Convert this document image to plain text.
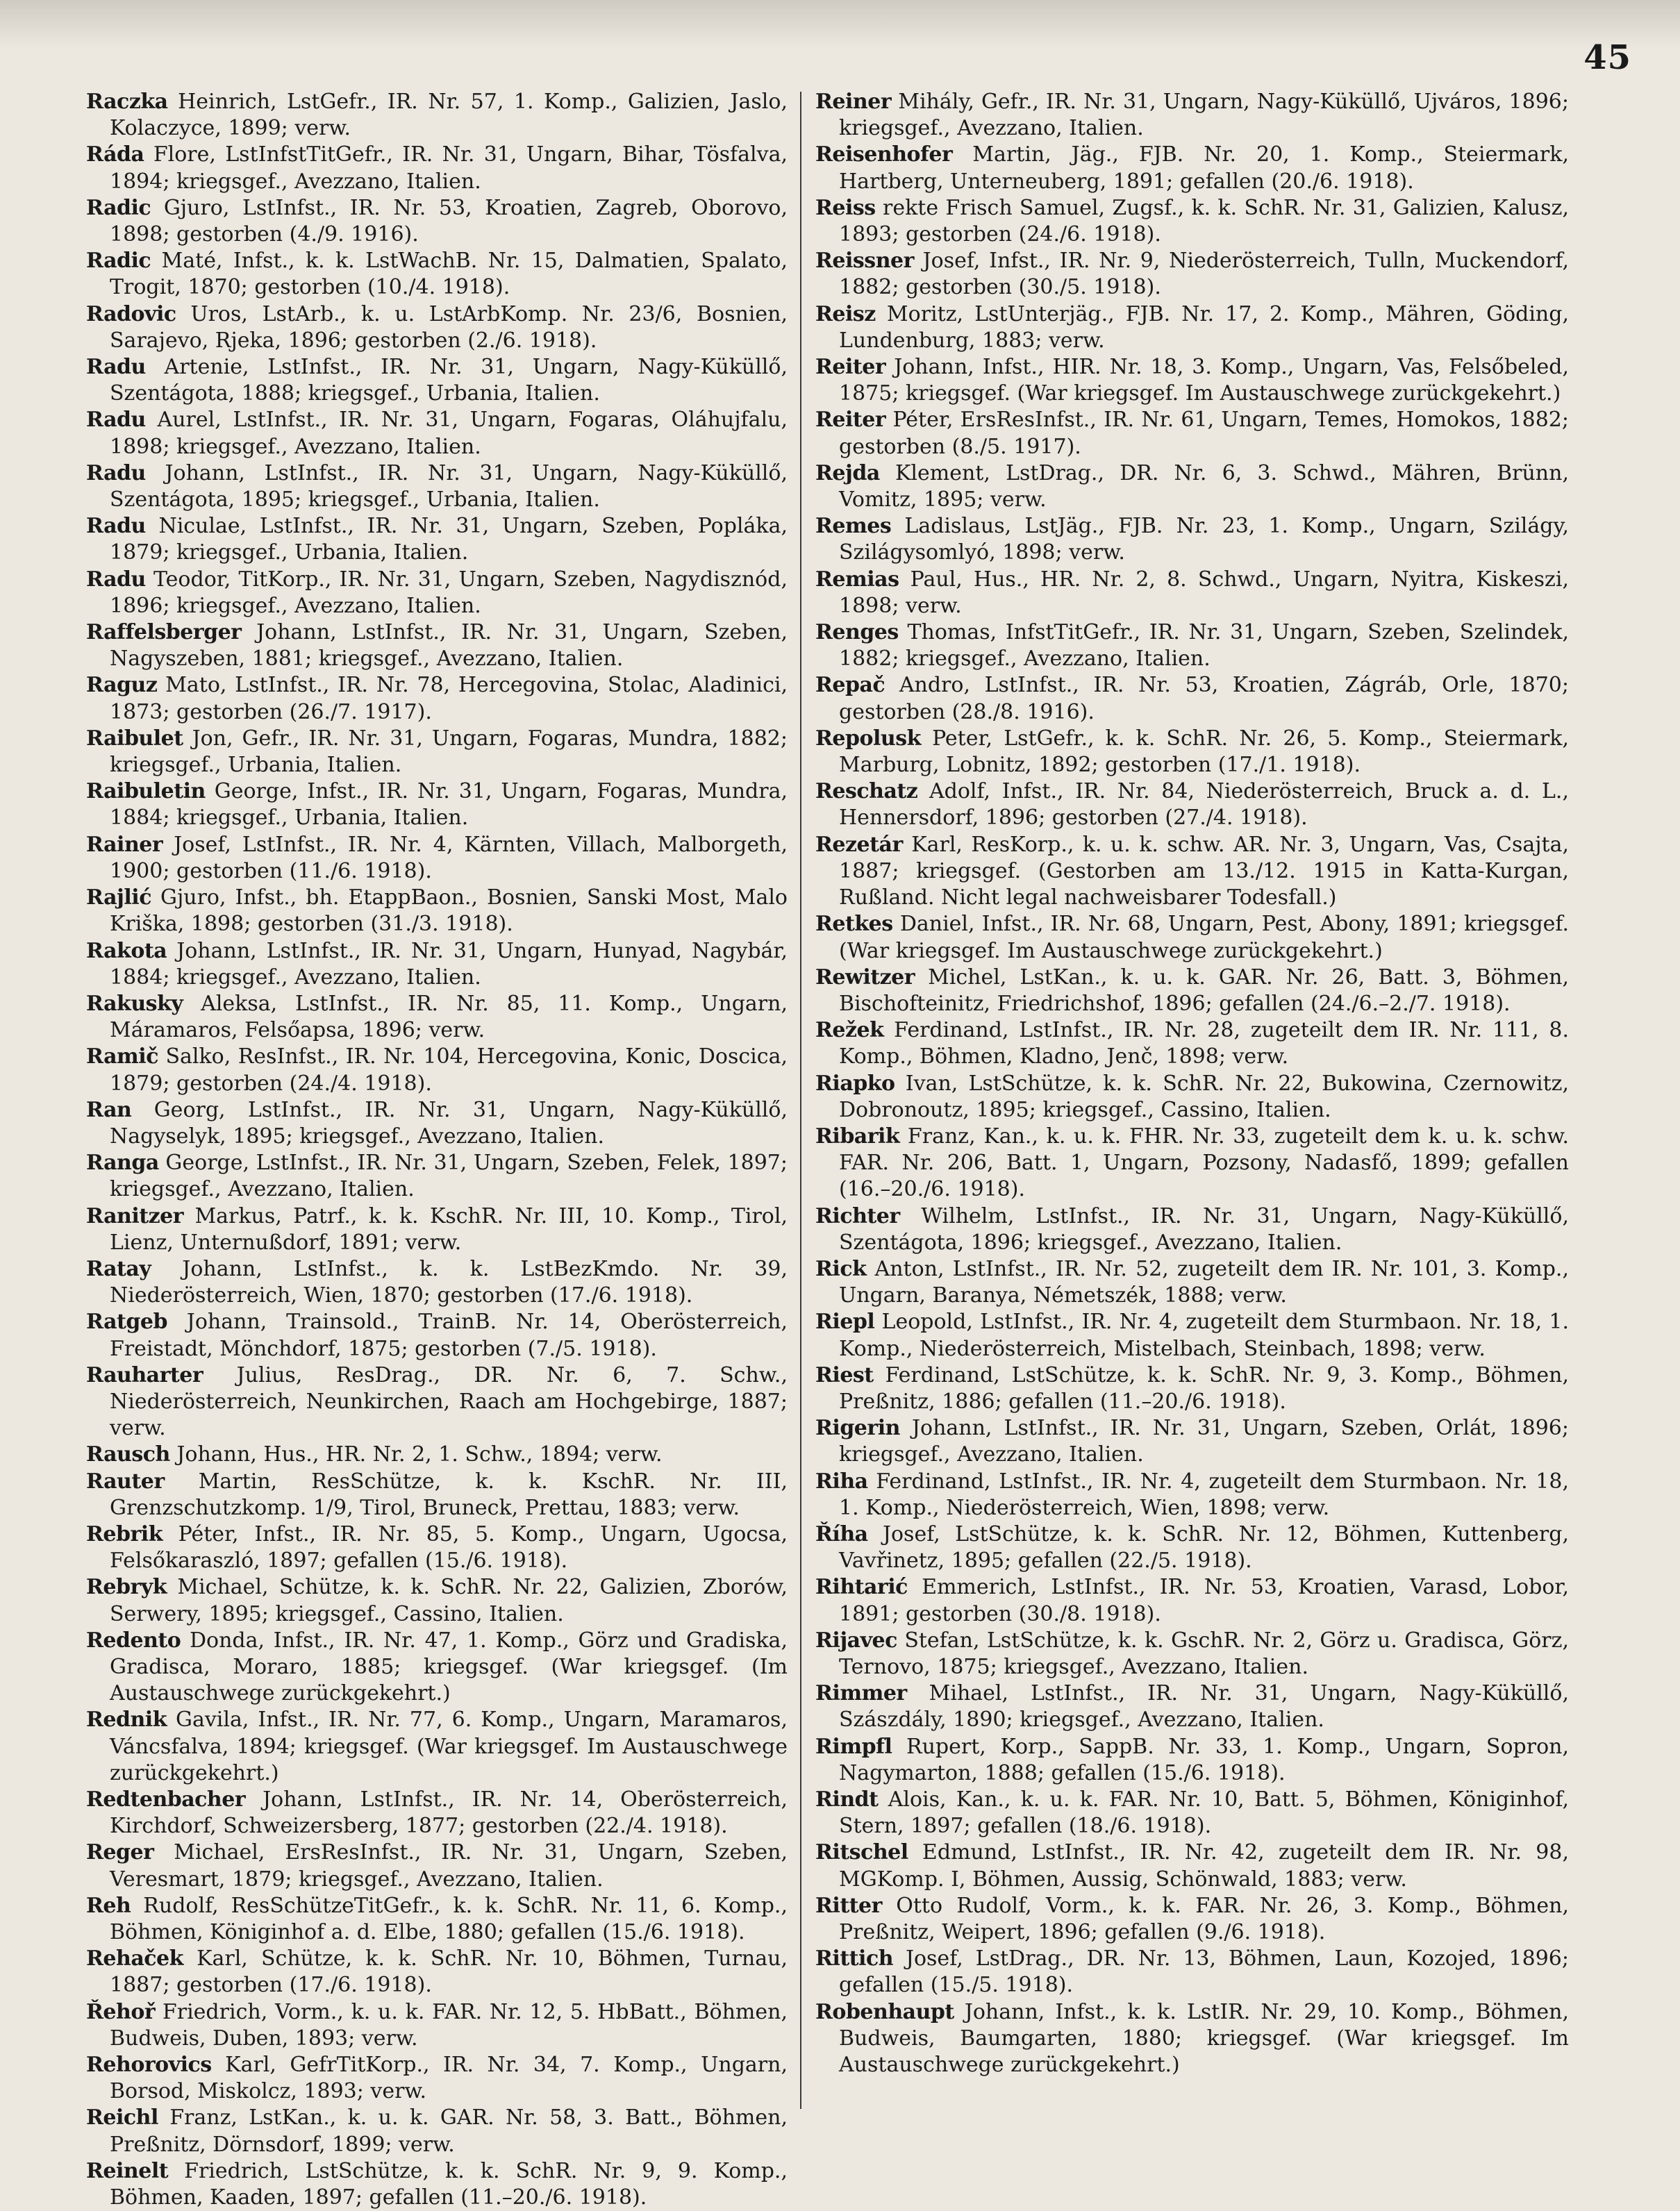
45

Raczka Heinrich, LstGefr., IR. Nr. 57, 1. Komp., Galizien, Jaslo, Kolaczyce, 1899; verw.

Ráda Flore, LstInfstTitGefr., IR. Nr. 31, Ungarn, Bihar, Tösfalva, 1894; kriegsgef., Avezzano, Italien.

Radic Gjuro, LstInfst., IR. Nr. 53, Kroatien, Zagreb, Oborovo, 1898; gestorben (4./9. 1916).

Radic Maté, Infst., k. k. LstWachB. Nr. 15, Dalmatien, Spalato, Trogit, 1870; gestorben (10./4. 1918).

Radovic Uros, LstArb., k. u. LstArbKomp. Nr. 23/6, Bosnien, Sarajevo, Rjeka, 1896; gestorben (2./6. 1918).

Radu Artenie, LstInfst., IR. Nr. 31, Ungarn, Nagy-Küküllő, Szentágota, 1888; kriegsgef., Urbania, Italien.

Radu Aurel, LstInfst., IR. Nr. 31, Ungarn, Fogaras, Oláhujfalu, 1898; kriegsgef., Avezzano, Italien.

Radu Johann, LstInfst., IR. Nr. 31, Ungarn, Nagy-Küküllő, Szentágota, 1895; kriegsgef., Urbania, Italien.

Radu Niculae, LstInfst., IR. Nr. 31, Ungarn, Szeben, Popláka, 1879; kriegsgef., Urbania, Italien.

Radu Teodor, TitKorp., IR. Nr. 31, Ungarn, Szeben, Nagydisznód, 1896; kriegsgef., Avezzano, Italien.

Raffelsberger Johann, LstInfst., IR. Nr. 31, Ungarn, Szeben, Nagyszeben, 1881; kriegsgef., Avezzano, Italien.

Raguz Mato, LstInfst., IR. Nr. 78, Hercegovina, Stolac, Aladinici, 1873; gestorben (26./7. 1917).

Raibulet Jon, Gefr., IR. Nr. 31, Ungarn, Fogaras, Mundra, 1882; kriegsgef., Urbania, Italien.

Raibuletin George, Infst., IR. Nr. 31, Ungarn, Fogaras, Mundra, 1884; kriegsgef., Urbania, Italien.

Rainer Josef, LstInfst., IR. Nr. 4, Kärnten, Villach, Malborgeth, 1900; gestorben (11./6. 1918).

Rajlić Gjuro, Infst., bh. EtappBaon., Bosnien, Sanski Most, Malo Kriška, 1898; gestorben (31./3. 1918).

Rakota Johann, LstInfst., IR. Nr. 31, Ungarn, Hunyad, Nagybár, 1884; kriegsgef., Avezzano, Italien.

Rakusky Aleksa, LstInfst., IR. Nr. 85, 11. Komp., Ungarn, Máramaros, Felsőapsa, 1896; verw.

Ramič Salko, ResInfst., IR. Nr. 104, Hercegovina, Konic, Doscica, 1879; gestorben (24./4. 1918).

Ran Georg, LstInfst., IR. Nr. 31, Ungarn, Nagy-Küküllő, Nagyselyk, 1895; kriegsgef., Avezzano, Italien.

Ranga George, LstInfst., IR. Nr. 31, Ungarn, Szeben, Felek, 1897; kriegsgef., Avezzano, Italien.

Ranitzer Markus, Patrf., k. k. KschR. Nr. III, 10. Komp., Tirol, Lienz, Unternußdorf, 1891; verw.

Ratay Johann, LstInfst., k. k. LstBezKmdo. Nr. 39, Niederösterreich, Wien, 1870; gestorben (17./6. 1918).

Ratgeb Johann, Trainsold., TrainB. Nr. 14, Oberösterreich, Freistadt, Mönchdorf, 1875; gestorben (7./5. 1918).

Rauharter Julius, ResDrag., DR. Nr. 6, 7. Schw., Niederösterreich, Neunkirchen, Raach am Hochgebirge, 1887; verw.

Rausch Johann, Hus., HR. Nr. 2, 1. Schw., 1894; verw.

Rauter Martin, ResSchütze, k. k. KschR. Nr. III, Grenzschutzkomp. 1/9, Tirol, Bruneck, Prettau, 1883; verw.

Rebrik Péter, Infst., IR. Nr. 85, 5. Komp., Ungarn, Ugocsa, Felsőkaraszló, 1897; gefallen (15./6. 1918).

Rebryk Michael, Schütze, k. k. SchR. Nr. 22, Galizien, Zborów, Serwery, 1895; kriegsgef., Cassino, Italien.

Redento Donda, Infst., IR. Nr. 47, 1. Komp., Görz und Gradiska, Gradisca, Moraro, 1885; kriegsgef. (War kriegsgef. (Im Austauschwege zurückgekehrt.)

Rednik Gavila, Infst., IR. Nr. 77, 6. Komp., Ungarn, Maramaros, Váncsfalva, 1894; kriegsgef. (War kriegsgef. Im Austauschwege zurückgekehrt.)

Redtenbacher Johann, LstInfst., IR. Nr. 14, Oberösterreich, Kirchdorf, Schweizersberg, 1877; gestorben (22./4. 1918).

Reger Michael, ErsResInfst., IR. Nr. 31, Ungarn, Szeben, Veresmart, 1879; kriegsgef., Avezzano, Italien.

Reh Rudolf, ResSchützeTitGefr., k. k. SchR. Nr. 11, 6. Komp., Böhmen, Königinhof a. d. Elbe, 1880; gefallen (15./6. 1918).

Rehaček Karl, Schütze, k. k. SchR. Nr. 10, Böhmen, Turnau, 1887; gestorben (17./6. 1918).

Řehoř Friedrich, Vorm., k. u. k. FAR. Nr. 12, 5. HbBatt., Böhmen, Budweis, Duben, 1893; verw.

Rehorovics Karl, GefrTitKorp., IR. Nr. 34, 7. Komp., Ungarn, Borsod, Miskolcz, 1893; verw.

Reichl Franz, LstKan., k. u. k. GAR. Nr. 58, 3. Batt., Böhmen, Preßnitz, Dörnsdorf, 1899; verw.

Reinelt Friedrich, LstSchütze, k. k. SchR. Nr. 9, 9. Komp., Böhmen, Kaaden, 1897; gefallen (11.–20./6. 1918).

Reiner Mihály, Gefr., IR. Nr. 31, Ungarn, Nagy-Küküllő, Ujváros, 1896; kriegsgef., Avezzano, Italien.

Reisenhofer Martin, Jäg., FJB. Nr. 20, 1. Komp., Steiermark, Hartberg, Unterneuberg, 1891; gefallen (20./6. 1918).

Reiss rekte Frisch Samuel, Zugsf., k. k. SchR. Nr. 31, Galizien, Kalusz, 1893; gestorben (24./6. 1918).

Reissner Josef, Infst., IR. Nr. 9, Niederösterreich, Tulln, Muckendorf, 1882; gestorben (30./5. 1918).

Reisz Moritz, LstUnterjäg., FJB. Nr. 17, 2. Komp., Mähren, Göding, Lundenburg, 1883; verw.

Reiter Johann, Infst., HIR. Nr. 18, 3. Komp., Ungarn, Vas, Felsőbeled, 1875; kriegsgef. (War kriegsgef. Im Austauschwege zurückgekehrt.)

Reiter Péter, ErsResInfst., IR. Nr. 61, Ungarn, Temes, Homokos, 1882; gestorben (8./5. 1917).

Rejda Klement, LstDrag., DR. Nr. 6, 3. Schwd., Mähren, Brünn, Vomitz, 1895; verw.

Remes Ladislaus, LstJäg., FJB. Nr. 23, 1. Komp., Ungarn, Szilágy, Szilágysomlyó, 1898; verw.

Remias Paul, Hus., HR. Nr. 2, 8. Schwd., Ungarn, Nyitra, Kiskeszi, 1898; verw.

Renges Thomas, InfstTitGefr., IR. Nr. 31, Ungarn, Szeben, Szelindek, 1882; kriegsgef., Avezzano, Italien.

Repač Andro, LstInfst., IR. Nr. 53, Kroatien, Zágráb, Orle, 1870; gestorben (28./8. 1916).

Repolusk Peter, LstGefr., k. k. SchR. Nr. 26, 5. Komp., Steiermark, Marburg, Lobnitz, 1892; gestorben (17./1. 1918).

Reschatz Adolf, Infst., IR. Nr. 84, Niederösterreich, Bruck a. d. L., Hennersdorf, 1896; gestorben (27./4. 1918).

Rezetár Karl, ResKorp., k. u. k. schw. AR. Nr. 3, Ungarn, Vas, Csajta, 1887; kriegsgef. (Gestorben am 13./12. 1915 in Katta-Kurgan, Rußland. Nicht legal nachweisbarer Todesfall.)

Retkes Daniel, Infst., IR. Nr. 68, Ungarn, Pest, Abony, 1891; kriegsgef. (War kriegsgef. Im Austauschwege zurückgekehrt.)

Rewitzer Michel, LstKan., k. u. k. GAR. Nr. 26, Batt. 3, Böhmen, Bischofteinitz, Friedrichshof, 1896; gefallen (24./6.–2./7. 1918).

Režek Ferdinand, LstInfst., IR. Nr. 28, zugeteilt dem IR. Nr. 111, 8. Komp., Böhmen, Kladno, Jenč, 1898; verw.

Riapko Ivan, LstSchütze, k. k. SchR. Nr. 22, Bukowina, Czernowitz, Dobronoutz, 1895; kriegsgef., Cassino, Italien.

Ribarik Franz, Kan., k. u. k. FHR. Nr. 33, zugeteilt dem k. u. k. schw. FAR. Nr. 206, Batt. 1, Ungarn, Pozsony, Nadasfő, 1899; gefallen (16.–20./6. 1918).

Richter Wilhelm, LstInfst., IR. Nr. 31, Ungarn, Nagy-Küküllő, Szentágota, 1896; kriegsgef., Avezzano, Italien.

Rick Anton, LstInfst., IR. Nr. 52, zugeteilt dem IR. Nr. 101, 3. Komp., Ungarn, Baranya, Németszék, 1888; verw.

Riepl Leopold, LstInfst., IR. Nr. 4, zugeteilt dem Sturmbaon. Nr. 18, 1. Komp., Niederösterreich, Mistelbach, Steinbach, 1898; verw.

Riest Ferdinand, LstSchütze, k. k. SchR. Nr. 9, 3. Komp., Böhmen, Preßnitz, 1886; gefallen (11.–20./6. 1918).

Rigerin Johann, LstInfst., IR. Nr. 31, Ungarn, Szeben, Orlát, 1896; kriegsgef., Avezzano, Italien.

Riha Ferdinand, LstInfst., IR. Nr. 4, zugeteilt dem Sturmbaon. Nr. 18, 1. Komp., Niederösterreich, Wien, 1898; verw.

Říha Josef, LstSchütze, k. k. SchR. Nr. 12, Böhmen, Kuttenberg, Vavřinetz, 1895; gefallen (22./5. 1918).

Rihtarić Emmerich, LstInfst., IR. Nr. 53, Kroatien, Varasd, Lobor, 1891; gestorben (30./8. 1918).

Rijavec Stefan, LstSchütze, k. k. GschR. Nr. 2, Görz u. Gradisca, Görz, Ternovo, 1875; kriegsgef., Avezzano, Italien.

Rimmer Mihael, LstInfst., IR. Nr. 31, Ungarn, Nagy-Küküllő, Szászdály, 1890; kriegsgef., Avezzano, Italien.

Rimpfl Rupert, Korp., SappB. Nr. 33, 1. Komp., Ungarn, Sopron, Nagymarton, 1888; gefallen (15./6. 1918).

Rindt Alois, Kan., k. u. k. FAR. Nr. 10, Batt. 5, Böhmen, Königinhof, Stern, 1897; gefallen (18./6. 1918).

Ritschel Edmund, LstInfst., IR. Nr. 42, zugeteilt dem IR. Nr. 98, MGKomp. I, Böhmen, Aussig, Schönwald, 1883; verw.

Ritter Otto Rudolf, Vorm., k. k. FAR. Nr. 26, 3. Komp., Böhmen, Preßnitz, Weipert, 1896; gefallen (9./6. 1918).

Rittich Josef, LstDrag., DR. Nr. 13, Böhmen, Laun, Kozojed, 1896; gefallen (15./5. 1918).

Robenhaupt Johann, Infst., k. k. LstIR. Nr. 29, 10. Komp., Böhmen, Budweis, Baumgarten, 1880; kriegsgef. (War kriegsgef. Im Austauschwege zurückgekehrt.)
